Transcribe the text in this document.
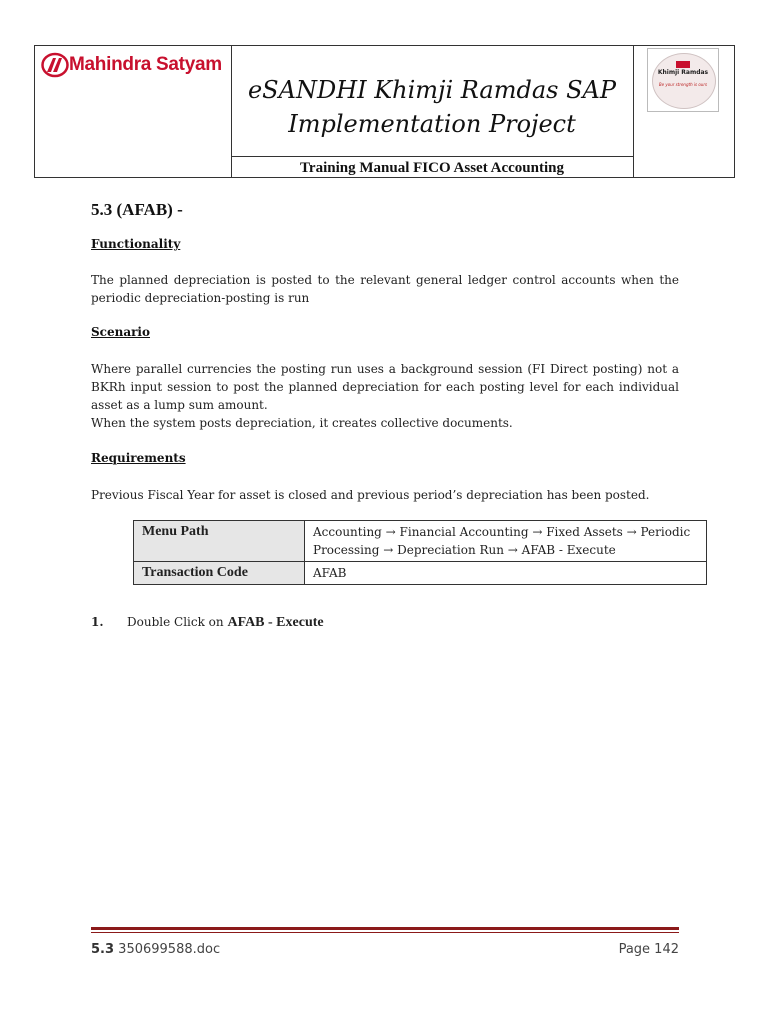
Mahindra Satyam
eSANDHI Khimji Ramdas SAP
Implementation Project
Training Manual FICO Asset Accounting
Khimji Ramdas
Be your strength is ours
5.3 (AFAB) -
Functionality
The planned depreciation is posted to the relevant general ledger control accounts when the
periodic depreciation-posting is run
Scenario
Where parallel currencies the posting run uses a background session (FI Direct posting) not a
BKRh input session to post the planned depreciation for each posting level for each individual
asset as a lump sum amount.
When the system posts depreciation, it creates collective documents.
Requirements
Previous Fiscal Year for asset is closed and previous period’s depreciation has been posted.
Menu Path	Accounting → Financial Accounting → Fixed Assets → Periodic
Processing → Depreciation Run → AFAB - Execute

Transaction Code	AFAB
1. Double Click on AFAB - Execute
5.3 350699588.doc	Page 142
